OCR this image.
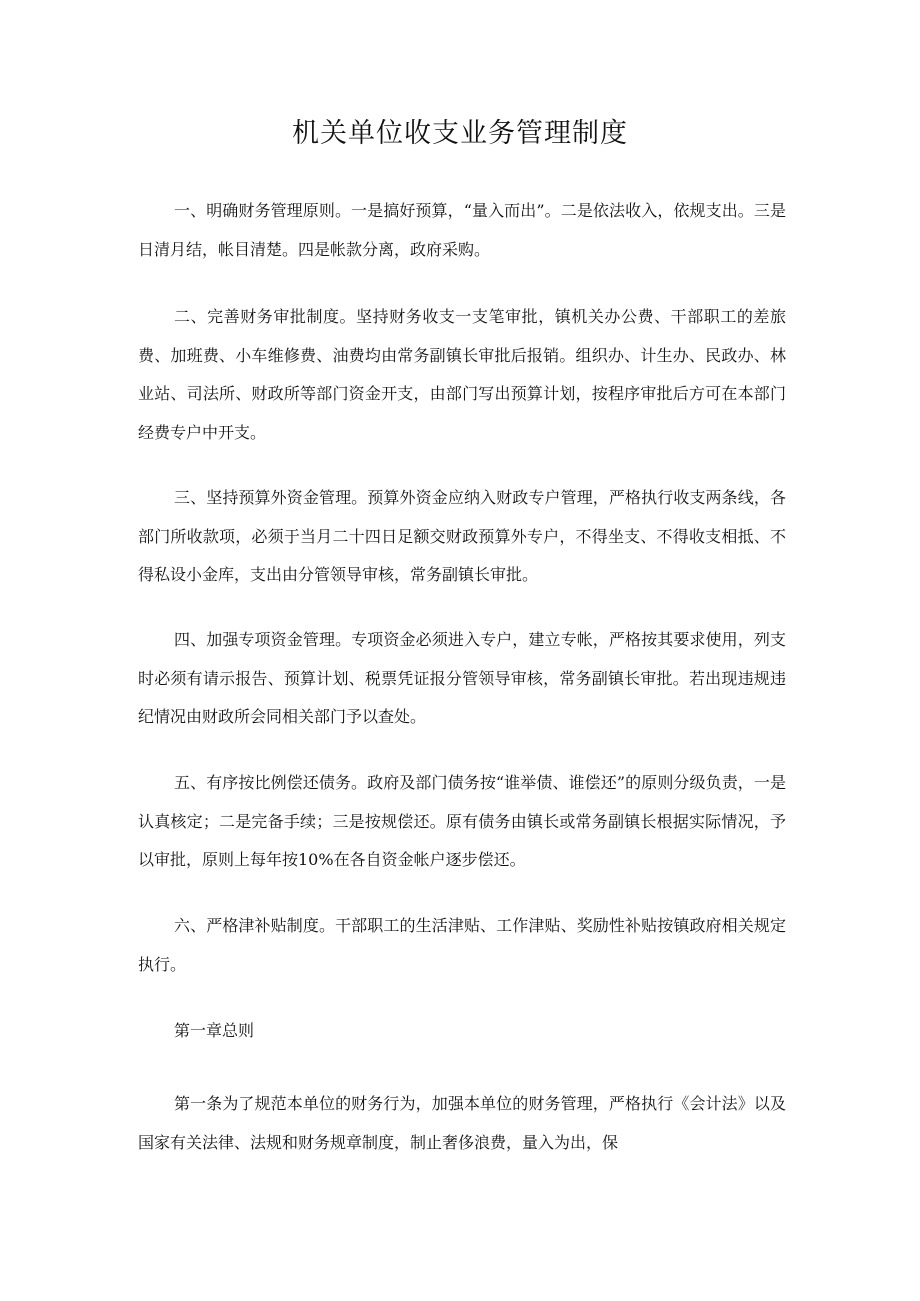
机关单位收支业务管理制度

一、明确财务管理原则。一是搞好预算，“量入而出”。二是依法收入，依规支出。三是日清月结，帐目清楚。四是帐款分离，政府采购。

二、完善财务审批制度。坚持财务收支一支笔审批，镇机关办公费、干部职工的差旅费、加班费、小车维修费、油费均由常务副镇长审批后报销。组织办、计生办、民政办、林业站、司法所、财政所等部门资金开支，由部门写出预算计划，按程序审批后方可在本部门经费专户中开支。

三、坚持预算外资金管理。预算外资金应纳入财政专户管理，严格执行收支两条线，各部门所收款项，必须于当月二十四日足额交财政预算外专户，不得坐支、不得收支相抵、不得私设小金库，支出由分管领导审核，常务副镇长审批。

四、加强专项资金管理。专项资金必须进入专户，建立专帐，严格按其要求使用，列支时必须有请示报告、预算计划、税票凭证报分管领导审核，常务副镇长审批。若出现违规违纪情况由财政所会同相关部门予以查处。

五、有序按比例偿还债务。政府及部门债务按“谁举债、谁偿还”的原则分级负责，一是认真核定；二是完备手续；三是按规偿还。原有债务由镇长或常务副镇长根据实际情况，予以审批，原则上每年按10%在各自资金帐户逐步偿还。

六、严格津补贴制度。干部职工的生活津贴、工作津贴、奖励性补贴按镇政府相关规定执行。

第一章总则

第一条为了规范本单位的财务行为，加强本单位的财务管理，严格执行《会计法》以及国家有关法律、法规和财务规章制度，制止奢侈浪费，量入为出，保
